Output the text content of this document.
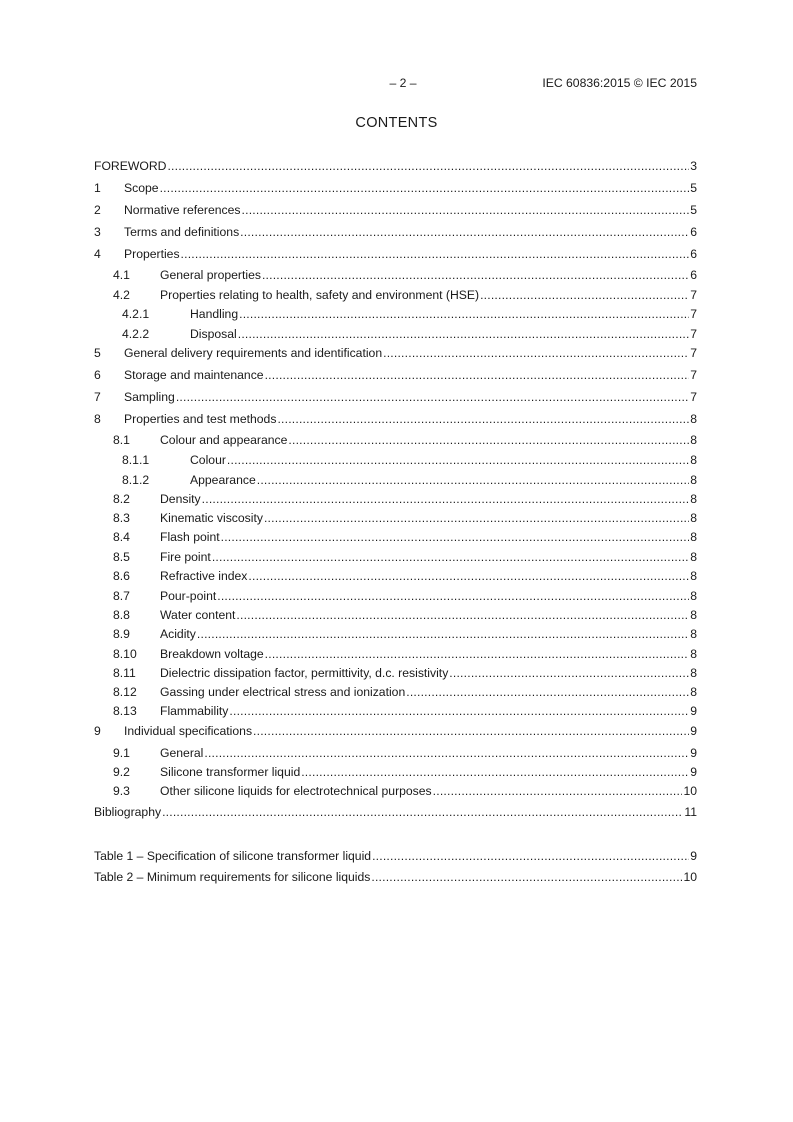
– 2 –	IEC 60836:2015 © IEC 2015
CONTENTS
FOREWORD .....	3
1	Scope .....	5
2	Normative references .....	5
3	Terms and definitions .....	6
4	Properties .....	6
4.1	General properties .....	6
4.2	Properties relating to health, safety and environment (HSE) .....	7
4.2.1	Handling .....	7
4.2.2	Disposal .....	7
5	General delivery requirements and identification .....	7
6	Storage and maintenance .....	7
7	Sampling .....	7
8	Properties and test methods .....	8
8.1	Colour and appearance .....	8
8.1.1	Colour .....	8
8.1.2	Appearance .....	8
8.2	Density .....	8
8.3	Kinematic viscosity .....	8
8.4	Flash point .....	8
8.5	Fire point .....	8
8.6	Refractive index .....	8
8.7	Pour-point .....	8
8.8	Water content .....	8
8.9	Acidity .....	8
8.10	Breakdown voltage .....	8
8.11	Dielectric dissipation factor, permittivity, d.c. resistivity .....	8
8.12	Gassing under electrical stress and ionization .....	8
8.13	Flammability .....	9
9	Individual specifications .....	9
9.1	General .....	9
9.2	Silicone transformer liquid .....	9
9.3	Other silicone liquids for electrotechnical purposes .....	10
Bibliography .....	11
Table 1 – Specification of silicone transformer liquid .....	9
Table 2 – Minimum requirements for silicone liquids .....	10
